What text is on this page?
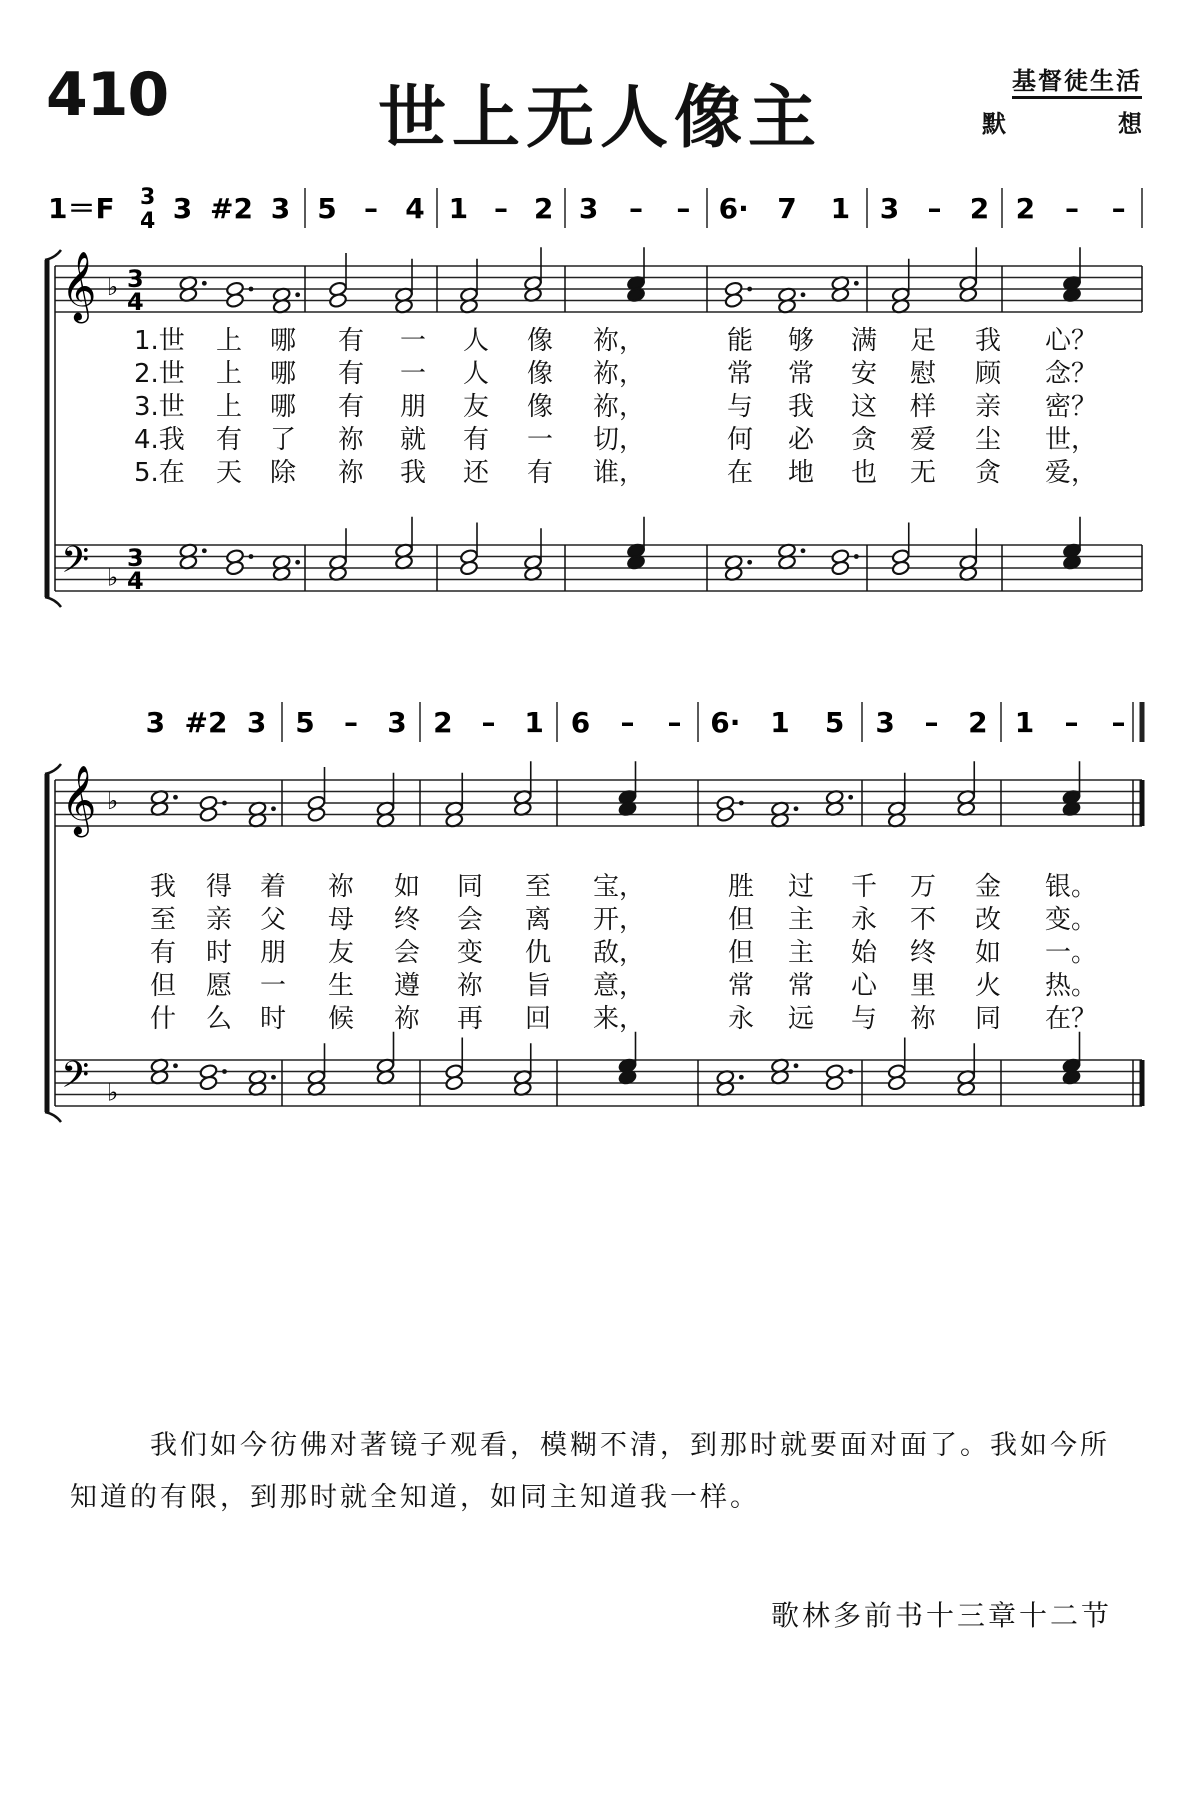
410	世上无人像主	基督徒生活
默	想
𝄞
𝄢
♭
♭
3
4
3
4
𝄞
𝄢
♭
♭
3 #2 3 5 – 4 1 – 2 3 – – 6· 7 1 3 – 2 2 – –
1＝F 3
4
3 #2 3 5 – 3 2 – 1 6 – – 6· 1 5 3 – 2 1 – –
1.世 上 哪 有 一 人 像 祢，	能 够 满 足 我 心？
2.世 上 哪 有 一 人 像 祢，	常 常 安 慰 顾 念？
3.世 上 哪 有 朋 友 像 祢，	与 我 这 样 亲 密？
4.我 有 了 祢 就 有 一 切，	何 必 贪 爱 尘 世，
5.在 天 除 祢 我 还 有 谁，	在 地 也 无 贪 爱，
我 得 着 祢 如 同 至 宝，	胜 过 千 万 金 银。
至 亲 父 母 终 会 离 开，	但 主 永 不 改 变。
有 时 朋 友 会 变 仇 敌，	但 主 始 终 如 一。
但 愿 一 生 遵 祢 旨 意，	常 常 心 里 火 热。
什 么 时 候 祢 再 回 来，	永 远 与 祢 同 在？
我们如今彷佛对著镜子观看，模糊不清，到那时就要面对面了。我如今所知道的有限，到那时就全知道，如同主知道我一样。
歌林多前书十三章十二节
